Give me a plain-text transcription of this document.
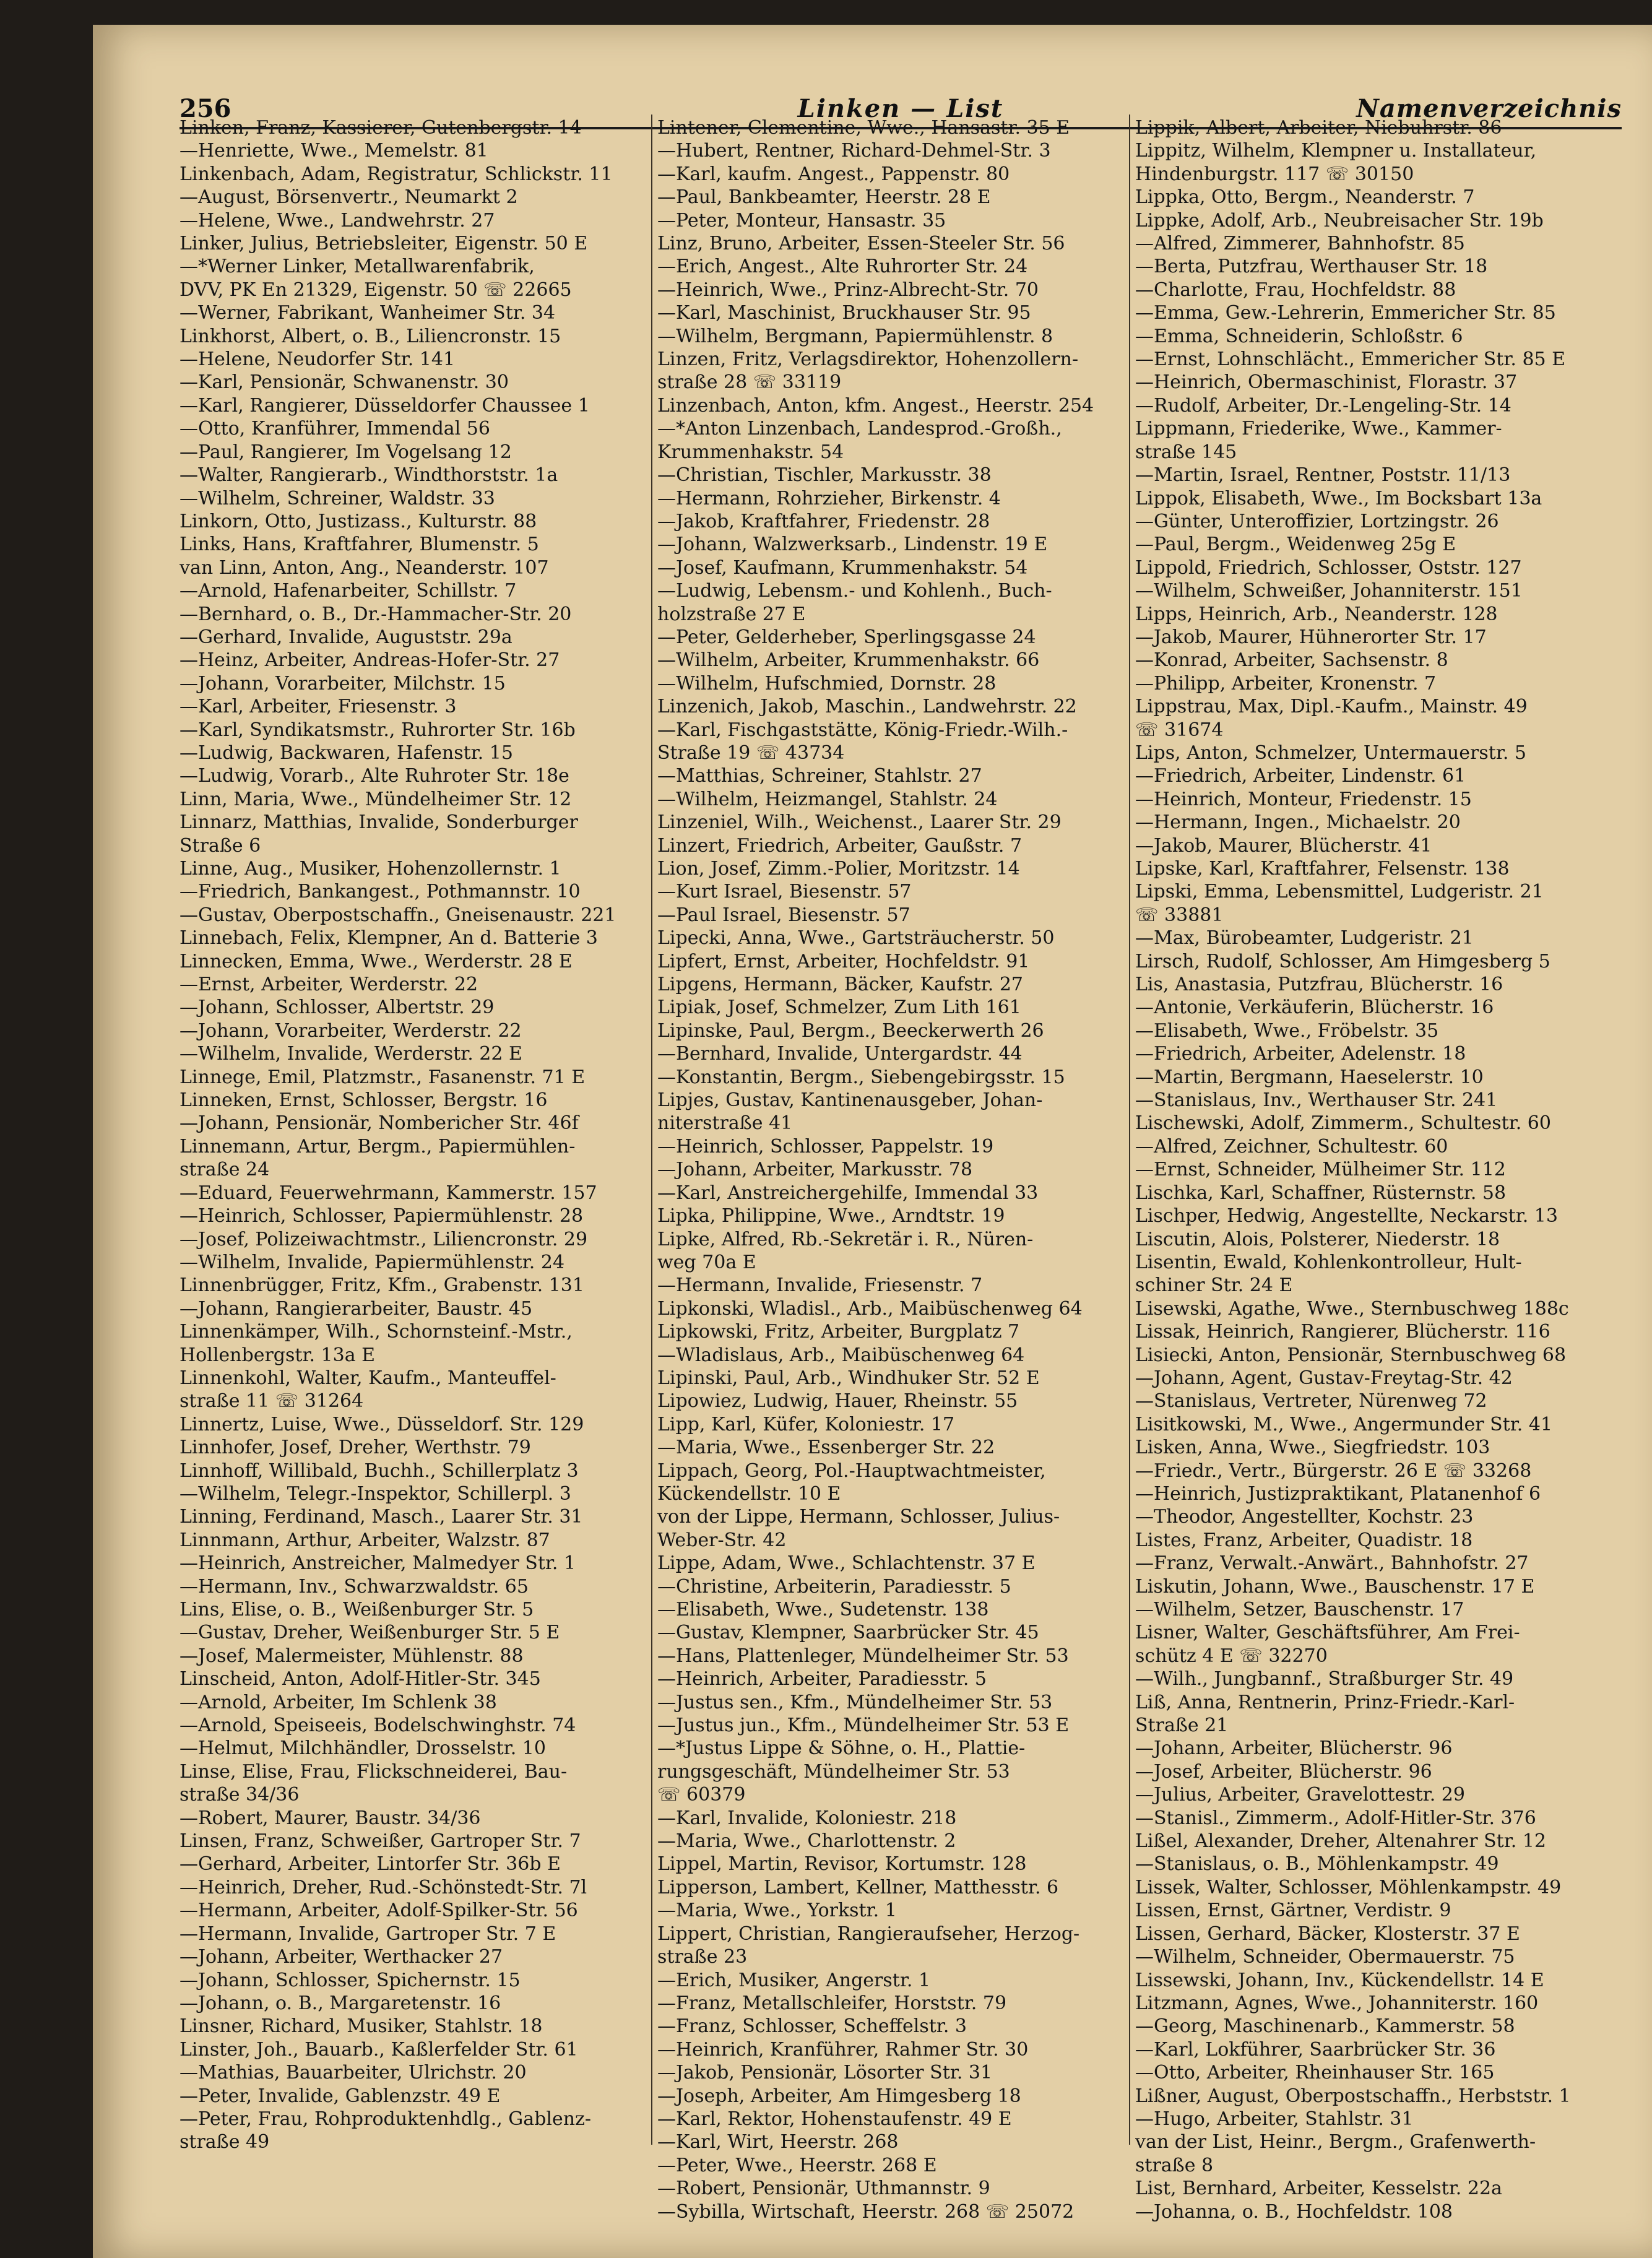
256	Linken — List	Namenverzeichnis
Linken, Franz, Kassierer, Gutenbergstr. 14
—Henriette, Wwe., Memelstr. 81
Linkenbach, Adam, Registratur, Schlickstr. 11
—August, Börsenvertr., Neumarkt 2
—Helene, Wwe., Landwehrstr. 27
Linker, Julius, Betriebsleiter, Eigenstr. 50 E
—*Werner Linker, Metallwarenfabrik,
DVV, PK En 21329, Eigenstr. 50 ☏ 22665
—Werner, Fabrikant, Wanheimer Str. 34
Linkhorst, Albert, o. B., Liliencronstr. 15
—Helene, Neudorfer Str. 141
—Karl, Pensionär, Schwanenstr. 30
—Karl, Rangierer, Düsseldorfer Chaussee 1
—Otto, Kranführer, Immendal 56
—Paul, Rangierer, Im Vogelsang 12
—Walter, Rangierarb., Windthorststr. 1a
—Wilhelm, Schreiner, Waldstr. 33
Linkorn, Otto, Justizass., Kulturstr. 88
Links, Hans, Kraftfahrer, Blumenstr. 5
van Linn, Anton, Ang., Neanderstr. 107
—Arnold, Hafenarbeiter, Schillstr. 7
—Bernhard, o. B., Dr.-Hammacher-Str. 20
—Gerhard, Invalide, Auguststr. 29a
—Heinz, Arbeiter, Andreas-Hofer-Str. 27
—Johann, Vorarbeiter, Milchstr. 15
—Karl, Arbeiter, Friesenstr. 3
—Karl, Syndikatsmstr., Ruhrorter Str. 16b
—Ludwig, Backwaren, Hafenstr. 15
—Ludwig, Vorarb., Alte Ruhroter Str. 18e
Linn, Maria, Wwe., Mündelheimer Str. 12
Linnarz, Matthias, Invalide, Sonderburger
Straße 6
Linne, Aug., Musiker, Hohenzollernstr. 1
—Friedrich, Bankangest., Pothmannstr. 10
—Gustav, Oberpostschaffn., Gneisenaustr. 221
Linnebach, Felix, Klempner, An d. Batterie 3
Linnecken, Emma, Wwe., Werderstr. 28 E
—Ernst, Arbeiter, Werderstr. 22
—Johann, Schlosser, Albertstr. 29
—Johann, Vorarbeiter, Werderstr. 22
—Wilhelm, Invalide, Werderstr. 22 E
Linnege, Emil, Platzmstr., Fasanenstr. 71 E
Linneken, Ernst, Schlosser, Bergstr. 16
—Johann, Pensionär, Nombericher Str. 46f
Linnemann, Artur, Bergm., Papiermühlen-
straße 24
—Eduard, Feuerwehrmann, Kammerstr. 157
—Heinrich, Schlosser, Papiermühlenstr. 28
—Josef, Polizeiwachtmstr., Liliencronstr. 29
—Wilhelm, Invalide, Papiermühlenstr. 24
Linnenbrügger, Fritz, Kfm., Grabenstr. 131
—Johann, Rangierarbeiter, Baustr. 45
Linnenkämper, Wilh., Schornsteinf.-Mstr.,
Hollenbergstr. 13a E
Linnenkohl, Walter, Kaufm., Manteuffel-
straße 11 ☏ 31264
Linnertz, Luise, Wwe., Düsseldorf. Str. 129
Linnhofer, Josef, Dreher, Werthstr. 79
Linnhoff, Willibald, Buchh., Schillerplatz 3
—Wilhelm, Telegr.-Inspektor, Schillerpl. 3
Linning, Ferdinand, Masch., Laarer Str. 31
Linnmann, Arthur, Arbeiter, Walzstr. 87
—Heinrich, Anstreicher, Malmedyer Str. 1
—Hermann, Inv., Schwarzwaldstr. 65
Lins, Elise, o. B., Weißenburger Str. 5
—Gustav, Dreher, Weißenburger Str. 5 E
—Josef, Malermeister, Mühlenstr. 88
Linscheid, Anton, Adolf-Hitler-Str. 345
—Arnold, Arbeiter, Im Schlenk 38
—Arnold, Speiseeis, Bodelschwinghstr. 74
—Helmut, Milchhändler, Drosselstr. 10
Linse, Elise, Frau, Flickschneiderei, Bau-
straße 34/36
—Robert, Maurer, Baustr. 34/36
Linsen, Franz, Schweißer, Gartroper Str. 7
—Gerhard, Arbeiter, Lintorfer Str. 36b E
—Heinrich, Dreher, Rud.-Schönstedt-Str. 7l
—Hermann, Arbeiter, Adolf-Spilker-Str. 56
—Hermann, Invalide, Gartroper Str. 7 E
—Johann, Arbeiter, Werthacker 27
—Johann, Schlosser, Spichernstr. 15
—Johann, o. B., Margaretenstr. 16
Linsner, Richard, Musiker, Stahlstr. 18
Linster, Joh., Bauarb., Kaßlerfelder Str. 61
—Mathias, Bauarbeiter, Ulrichstr. 20
—Peter, Invalide, Gablenzstr. 49 E
—Peter, Frau, Rohproduktenhdlg., Gablenz-
straße 49
Lintener, Clementine, Wwe., Hansastr. 35 E
—Hubert, Rentner, Richard-Dehmel-Str. 3
—Karl, kaufm. Angest., Pappenstr. 80
—Paul, Bankbeamter, Heerstr. 28 E
—Peter, Monteur, Hansastr. 35
Linz, Bruno, Arbeiter, Essen-Steeler Str. 56
—Erich, Angest., Alte Ruhrorter Str. 24
—Heinrich, Wwe., Prinz-Albrecht-Str. 70
—Karl, Maschinist, Bruckhauser Str. 95
—Wilhelm, Bergmann, Papiermühlenstr. 8
Linzen, Fritz, Verlagsdirektor, Hohenzollern-
straße 28 ☏ 33119
Linzenbach, Anton, kfm. Angest., Heerstr. 254
—*Anton Linzenbach, Landesprod.-Großh.,
Krummenhakstr. 54
—Christian, Tischler, Markusstr. 38
—Hermann, Rohrzieher, Birkenstr. 4
—Jakob, Kraftfahrer, Friedenstr. 28
—Johann, Walzwerksarb., Lindenstr. 19 E
—Josef, Kaufmann, Krummenhakstr. 54
—Ludwig, Lebensm.- und Kohlenh., Buch-
holzstraße 27 E
—Peter, Gelderheber, Sperlingsgasse 24
—Wilhelm, Arbeiter, Krummenhakstr. 66
—Wilhelm, Hufschmied, Dornstr. 28
Linzenich, Jakob, Maschin., Landwehrstr. 22
—Karl, Fischgaststätte, König-Friedr.-Wilh.-
Straße 19 ☏ 43734
—Matthias, Schreiner, Stahlstr. 27
—Wilhelm, Heizmangel, Stahlstr. 24
Linzeniel, Wilh., Weichenst., Laarer Str. 29
Linzert, Friedrich, Arbeiter, Gaußstr. 7
Lion, Josef, Zimm.-Polier, Moritzstr. 14
—Kurt Israel, Biesenstr. 57
—Paul Israel, Biesenstr. 57
Lipecki, Anna, Wwe., Gartsträucherstr. 50
Lipfert, Ernst, Arbeiter, Hochfeldstr. 91
Lipgens, Hermann, Bäcker, Kaufstr. 27
Lipiak, Josef, Schmelzer, Zum Lith 161
Lipinske, Paul, Bergm., Beeckerwerth 26
—Bernhard, Invalide, Untergardstr. 44
—Konstantin, Bergm., Siebengebirgsstr. 15
Lipjes, Gustav, Kantinenausgeber, Johan-
niterstraße 41
—Heinrich, Schlosser, Pappelstr. 19
—Johann, Arbeiter, Markusstr. 78
—Karl, Anstreichergehilfe, Immendal 33
Lipka, Philippine, Wwe., Arndtstr. 19
Lipke, Alfred, Rb.-Sekretär i. R., Nüren-
weg 70a E
—Hermann, Invalide, Friesenstr. 7
Lipkonski, Wladisl., Arb., Maibüschenweg 64
Lipkowski, Fritz, Arbeiter, Burgplatz 7
—Wladislaus, Arb., Maibüschenweg 64
Lipinski, Paul, Arb., Windhuker Str. 52 E
Lipowiez, Ludwig, Hauer, Rheinstr. 55
Lipp, Karl, Küfer, Koloniestr. 17
—Maria, Wwe., Essenberger Str. 22
Lippach, Georg, Pol.-Hauptwachtmeister,
Kückendellstr. 10 E
von der Lippe, Hermann, Schlosser, Julius-
Weber-Str. 42
Lippe, Adam, Wwe., Schlachtenstr. 37 E
—Christine, Arbeiterin, Paradiesstr. 5
—Elisabeth, Wwe., Sudetenstr. 138
—Gustav, Klempner, Saarbrücker Str. 45
—Hans, Plattenleger, Mündelheimer Str. 53
—Heinrich, Arbeiter, Paradiesstr. 5
—Justus sen., Kfm., Mündelheimer Str. 53
—Justus jun., Kfm., Mündelheimer Str. 53 E
—*Justus Lippe & Söhne, o. H., Plattie-
rungsgeschäft, Mündelheimer Str. 53
☏ 60379
—Karl, Invalide, Koloniestr. 218
—Maria, Wwe., Charlottenstr. 2
Lippel, Martin, Revisor, Kortumstr. 128
Lipperson, Lambert, Kellner, Matthesstr. 6
—Maria, Wwe., Yorkstr. 1
Lippert, Christian, Rangieraufseher, Herzog-
straße 23
—Erich, Musiker, Angerstr. 1
—Franz, Metallschleifer, Horststr. 79
—Franz, Schlosser, Scheffelstr. 3
—Heinrich, Kranführer, Rahmer Str. 30
—Jakob, Pensionär, Lösorter Str. 31
—Joseph, Arbeiter, Am Himgesberg 18
—Karl, Rektor, Hohenstaufenstr. 49 E
—Karl, Wirt, Heerstr. 268
—Peter, Wwe., Heerstr. 268 E
—Robert, Pensionär, Uthmannstr. 9
—Sybilla, Wirtschaft, Heerstr. 268 ☏ 25072
Lippik, Albert, Arbeiter, Niebuhrstr. 86
Lippitz, Wilhelm, Klempner u. Installateur,
Hindenburgstr. 117 ☏ 30150
Lippka, Otto, Bergm., Neanderstr. 7
Lippke, Adolf, Arb., Neubreisacher Str. 19b
—Alfred, Zimmerer, Bahnhofstr. 85
—Berta, Putzfrau, Werthauser Str. 18
—Charlotte, Frau, Hochfeldstr. 88
—Emma, Gew.-Lehrerin, Emmericher Str. 85
—Emma, Schneiderin, Schloßstr. 6
—Ernst, Lohnschlächt., Emmericher Str. 85 E
—Heinrich, Obermaschinist, Florastr. 37
—Rudolf, Arbeiter, Dr.-Lengeling-Str. 14
Lippmann, Friederike, Wwe., Kammer-
straße 145
—Martin, Israel, Rentner, Poststr. 11/13
Lippok, Elisabeth, Wwe., Im Bocksbart 13a
—Günter, Unteroffizier, Lortzingstr. 26
—Paul, Bergm., Weidenweg 25g E
Lippold, Friedrich, Schlosser, Oststr. 127
—Wilhelm, Schweißer, Johanniterstr. 151
Lipps, Heinrich, Arb., Neanderstr. 128
—Jakob, Maurer, Hühnerorter Str. 17
—Konrad, Arbeiter, Sachsenstr. 8
—Philipp, Arbeiter, Kronenstr. 7
Lippstrau, Max, Dipl.-Kaufm., Mainstr. 49
☏ 31674
Lips, Anton, Schmelzer, Untermauerstr. 5
—Friedrich, Arbeiter, Lindenstr. 61
—Heinrich, Monteur, Friedenstr. 15
—Hermann, Ingen., Michaelstr. 20
—Jakob, Maurer, Blücherstr. 41
Lipske, Karl, Kraftfahrer, Felsenstr. 138
Lipski, Emma, Lebensmittel, Ludgeristr. 21
☏ 33881
—Max, Bürobeamter, Ludgeristr. 21
Lirsch, Rudolf, Schlosser, Am Himgesberg 5
Lis, Anastasia, Putzfrau, Blücherstr. 16
—Antonie, Verkäuferin, Blücherstr. 16
—Elisabeth, Wwe., Fröbelstr. 35
—Friedrich, Arbeiter, Adelenstr. 18
—Martin, Bergmann, Haeselerstr. 10
—Stanislaus, Inv., Werthauser Str. 241
Lischewski, Adolf, Zimmerm., Schultestr. 60
—Alfred, Zeichner, Schultestr. 60
—Ernst, Schneider, Mülheimer Str. 112
Lischka, Karl, Schaffner, Rüsternstr. 58
Lischper, Hedwig, Angestellte, Neckarstr. 13
Liscutin, Alois, Polsterer, Niederstr. 18
Lisentin, Ewald, Kohlenkontrolleur, Hult-
schiner Str. 24 E
Lisewski, Agathe, Wwe., Sternbuschweg 188c
Lissak, Heinrich, Rangierer, Blücherstr. 116
Lisiecki, Anton, Pensionär, Sternbuschweg 68
—Johann, Agent, Gustav-Freytag-Str. 42
—Stanislaus, Vertreter, Nürenweg 72
Lisitkowski, M., Wwe., Angermunder Str. 41
Lisken, Anna, Wwe., Siegfriedstr. 103
—Friedr., Vertr., Bürgerstr. 26 E ☏ 33268
—Heinrich, Justizpraktikant, Platanenhof 6
—Theodor, Angestellter, Kochstr. 23
Listes, Franz, Arbeiter, Quadistr. 18
—Franz, Verwalt.-Anwärt., Bahnhofstr. 27
Liskutin, Johann, Wwe., Bauschenstr. 17 E
—Wilhelm, Setzer, Bauschenstr. 17
Lisner, Walter, Geschäftsführer, Am Frei-
schütz 4 E ☏ 32270
—Wilh., Jungbannf., Straßburger Str. 49
Liß, Anna, Rentnerin, Prinz-Friedr.-Karl-
Straße 21
—Johann, Arbeiter, Blücherstr. 96
—Josef, Arbeiter, Blücherstr. 96
—Julius, Arbeiter, Gravelottestr. 29
—Stanisl., Zimmerm., Adolf-Hitler-Str. 376
Lißel, Alexander, Dreher, Altenahrer Str. 12
—Stanislaus, o. B., Möhlenkampstr. 49
Lissek, Walter, Schlosser, Möhlenkampstr. 49
Lissen, Ernst, Gärtner, Verdistr. 9
Lissen, Gerhard, Bäcker, Klosterstr. 37 E
—Wilhelm, Schneider, Obermauerstr. 75
Lissewski, Johann, Inv., Kückendellstr. 14 E
Litzmann, Agnes, Wwe., Johanniterstr. 160
—Georg, Maschinenarb., Kammerstr. 58
—Karl, Lokführer, Saarbrücker Str. 36
—Otto, Arbeiter, Rheinhauser Str. 165
Lißner, August, Oberpostschaffn., Herbststr. 1
—Hugo, Arbeiter, Stahlstr. 31
van der List, Heinr., Bergm., Grafenwerth-
straße 8
List, Bernhard, Arbeiter, Kesselstr. 22a
—Johanna, o. B., Hochfeldstr. 108
